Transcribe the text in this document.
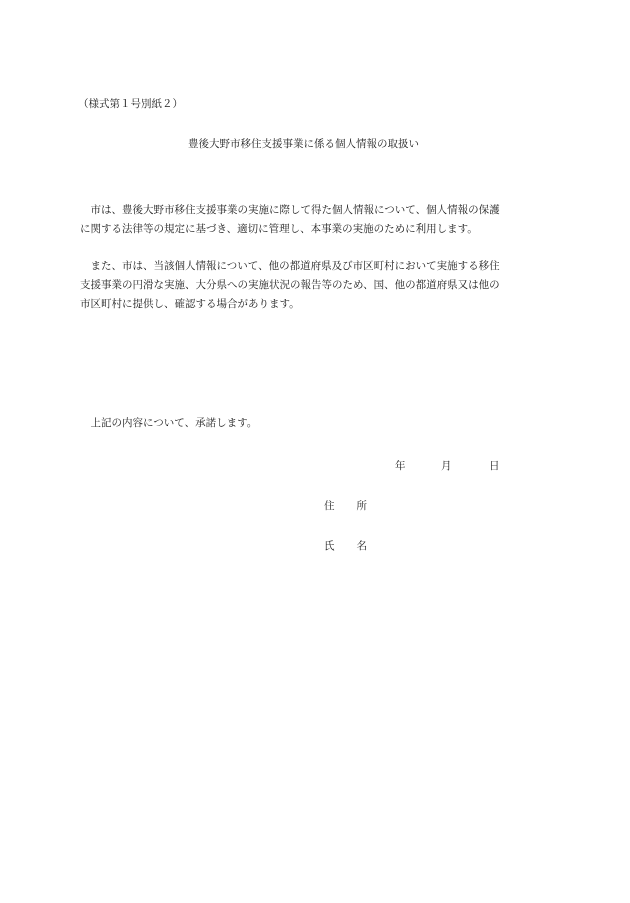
（様式第１号別紙２）
豊後大野市移住支援事業に係る個人情報の取扱い
　市は、豊後大野市移住支援事業の実施に際して得た個人情報について、個人情報の保護
に関する法律等の規定に基づき、適切に管理し、本事業の実施のために利用します。
　また、市は、当該個人情報について、他の都道府県及び市区町村において実施する移住
支援事業の円滑な実施、大分県への実施状況の報告等のため、国、他の都道府県又は他の
市区町村に提供し、確認する場合があります。
　上記の内容について、承諾します。
年	月	日
住 所
氏 名
